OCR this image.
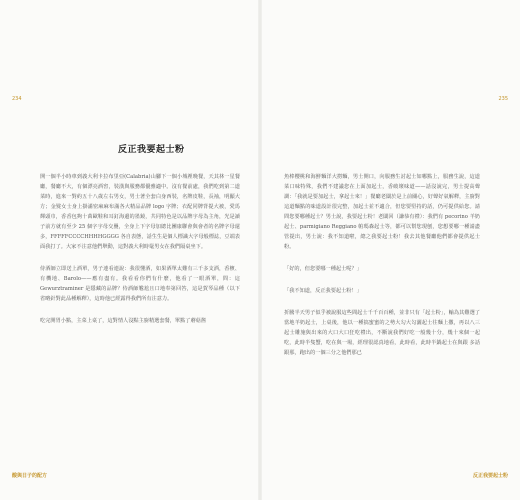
234
反正我要起士粉

開一個半小時車到義大利卡拉布里亞(Calabria)山腳下一個小城裡晚餐，天其林一星餐廳，餐廳不大，有個漂亮酒窖，裝潢與服務都優雅適中。沒有餐前處，我們吃到第二道菜時，進來一對約五十八歲左右男女，男士著全套白身西裝，名牌皮鞋，長袖，明顯大方；金髮女士身上掛滿密麻麻布滿各大精品品牌 logo 字牌；衣配同牌背提大被，愛馬輝頭巾，香香包夠十萬歐鞋和耳釘海邊的墨鏡，共同特色是以品牌字母為主角，光是讀子前方就有至少 25 個字字母交疊，全身上下字母加總比團康聯會與會者的名牌字母還多，FFFFFCCCCHHHHGGGG 各自表態，話生生是個人標識大字母般標誌，豆端表面我打了。大家不注意他們舉動，這對義大利時髦男女在我們隔桌坐下。

侍酒師立即送上酒單，男子連看連說：我很懂酒，如果酒單太難有三千多支酒，香檳、有機地、Barolo——應有盡有。我看看你們有什麼，他看了一眼酒單，問：這 Gewurztraminer 是隱藏的品牌？侍酒師尷尬且口地奉第回答，這是賀琴品種（以下省略針對此品種解釋），這時他已經露得我們所有注意力。

吃完開胃小點，主菜上桌了，這對情人沒點主廚精選套餐，單點了蘑菇酱

酸與日子的配方
235

魚棒櫻桃和海鮮麵洋大撈麵，男士開口，向服務生討起士如哪點上，服務生說，這道菜口味特殊，我們不建議您在上面加起士，香破壞味道——話沒說完，男士提高聲調：「我就是要加起士，拿起士來！」餐廳老闆於是上前關心，好聲好氣解釋，主廚對這道麵點的味道設計很完整，加起士並不適合，但您要堅持的話，仍可提供給您。請問您要哪種起士？男士說，我要起士粉！老闆回（謙恭有禮）：我們有 pecorino 羊奶起士、parmigiano Reggiano 帕瑪森起士等，都可以幫您現刨，您想要哪一種請盡管提出，男士說：我不知道啦，總之我要起士粉！我去其他餐廳他們都會提供起士粉。

「好的，但您要哪一種起士呢？」

「我不知道，反正我要起士粉！」

折騰半天男子似乎被說服這些間起士千千百百種，並非只有「起士粉」，輸為其難選了當地羊奶起士，上桌後，他以一種搞蜜蜜的之勢大勾大勾灑起士往麵上撒，再以八三起士雕施與出來的大口大口狂吃禮出，不斷說我們好吃一般幾十分，幾十來個一起吃，此時半隻蟹，吃在與一場，經理很認真地看，此時看，此時半鍋起士在與跟 多話跟那，跑出的一個三分之他們那已

反正我要起士粉
